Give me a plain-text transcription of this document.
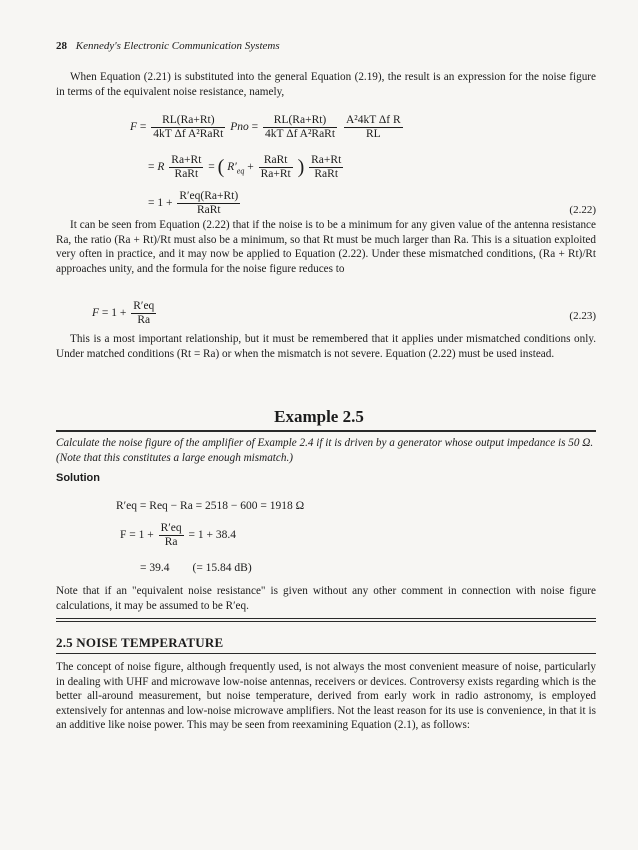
28 Kennedy's Electronic Communication Systems
When Equation (2.21) is substituted into the general Equation (2.19), the result is an expression for the noise figure in terms of the equivalent noise resistance, namely,
$F = \frac{RL(Ra+Rt)}{\text{4kT Δf A²RaRt}}$ Pno = $\frac{RL(Ra+Rt)}{\text{4kT Δf A²RaRt}}$
$\frac{\text{A²4kT Δf R}}{RL}$
= R $\frac{Ra+Rt}{\text{RaRt}}$ = ( $R'_{eq} + \frac{\text{RaRt}}{Ra+Rt}$ ) $\frac{Ra+Rt}{\text{RaRt}}$
= $1 + \frac{R'eq(Ra+Rt)}{\text{RaRt}}$	(2.22)
It can be seen from Equation (2.22) that if the noise is to be a minimum for any given value of the antenna resistance Ra, the ratio (Ra + Rt)/Rt must also be a minimum, so that Rt must be much larger than Ra. This is a situation exploited very often in practice, and it may now be applied to Equation (2.22). Under these mismatched conditions, (Ra + Rt)/Rt approaches unity, and the formula for the noise figure reduces to
$F = 1 + \frac{R'eq}{Ra}$	(2.23)
This is a most important relationship, but it must be remembered that it applies under mismatched conditions only. Under matched conditions (Rt = Ra) or when the mismatch is not severe. Equation (2.22) must be used instead.
Example 2.5
Calculate the noise figure of the amplifier of Example 2.4 if it is driven by a generator whose output impedance is 50 Ω. (Note that this constitutes a large enough mismatch.)
Solution
R′eq = Req − Ra = 2518 − 600 = 1918 Ω
$F = 1 + \frac{R'eq}{Ra} = 1 + 38.4$
= 39.4        (= 15.84 dB)
Note that if an "equivalent noise resistance" is given without any other comment in connection with noise figure calculations, it may be assumed to be R′eq.
2.5 NOISE TEMPERATURE
The concept of noise figure, although frequently used, is not always the most convenient measure of noise, particularly in dealing with UHF and microwave low-noise antennas, receivers or devices. Controversy exists regarding which is the better all-around measurement, but noise temperature, derived from early work in radio astronomy, is employed extensively for antennas and low-noise microwave amplifiers. Not the least reason for its use is convenience, in that it is an additive like noise power. This may be seen from reexamining Equation (2.1), as follows:
